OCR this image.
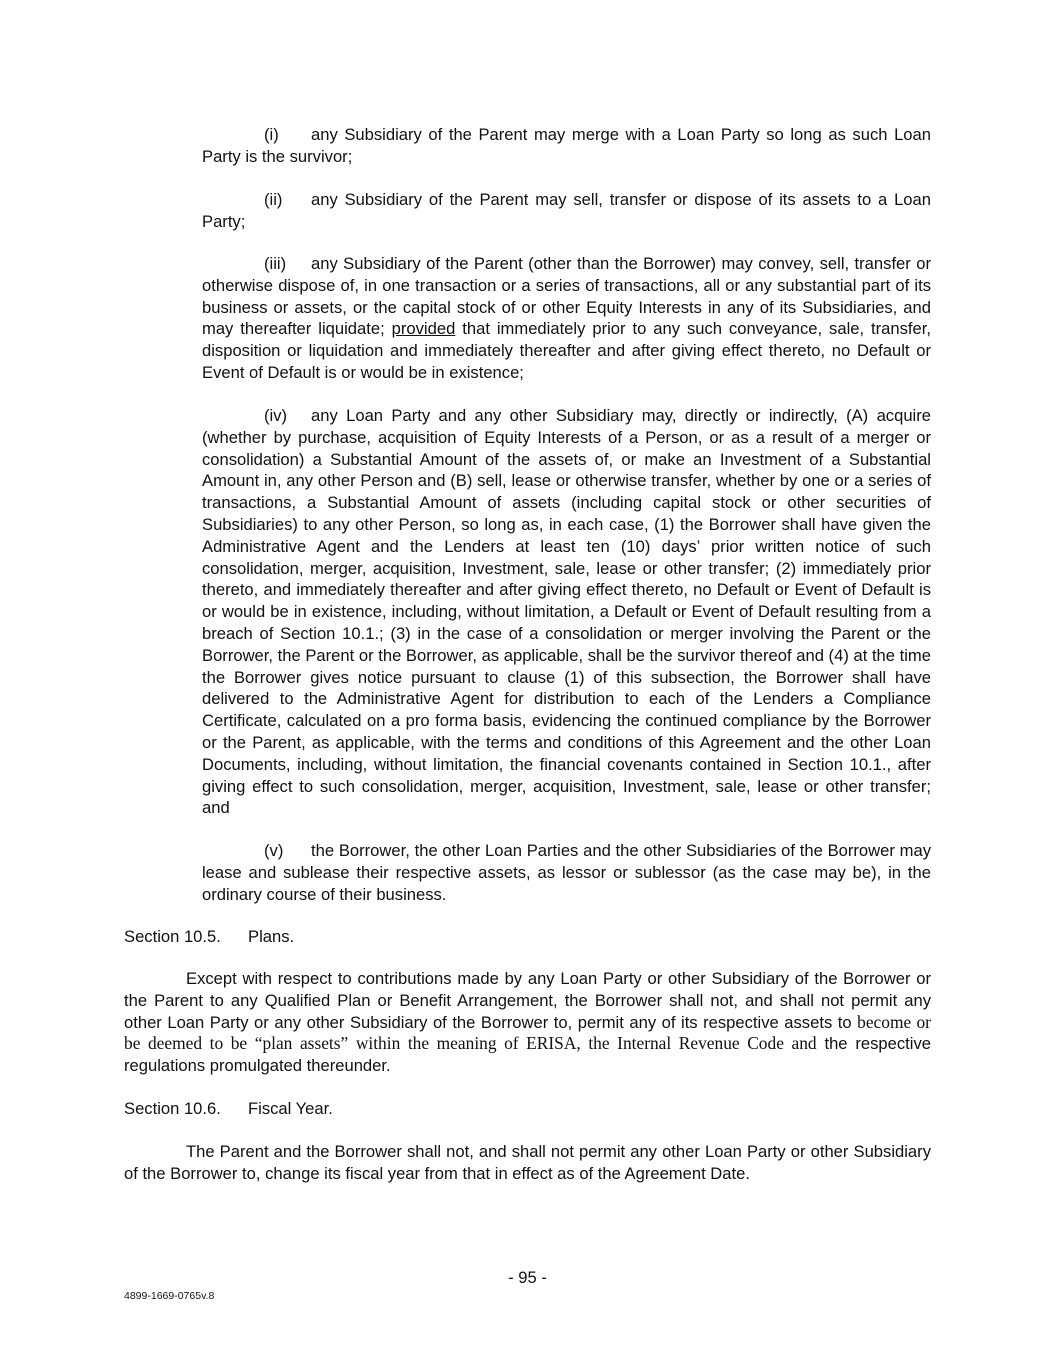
(i) any Subsidiary of the Parent may merge with a Loan Party so long as such Loan Party is the survivor;

(ii) any Subsidiary of the Parent may sell, transfer or dispose of its assets to a Loan Party;

(iii) any Subsidiary of the Parent (other than the Borrower) may convey, sell, transfer or otherwise dispose of, in one transaction or a series of transactions, all or any substantial part of its business or assets, or the capital stock of or other Equity Interests in any of its Subsidiaries, and may thereafter liquidate; provided that immediately prior to any such conveyance, sale, transfer, disposition or liquidation and immediately thereafter and after giving effect thereto, no Default or Event of Default is or would be in existence;

(iv) any Loan Party and any other Subsidiary may, directly or indirectly, (A) acquire (whether by purchase, acquisition of Equity Interests of a Person, or as a result of a merger or consolidation) a Substantial Amount of the assets of, or make an Investment of a Substantial Amount in, any other Person and (B) sell, lease or otherwise transfer, whether by one or a series of transactions, a Substantial Amount of assets (including capital stock or other securities of Subsidiaries) to any other Person, so long as, in each case, (1) the Borrower shall have given the Administrative Agent and the Lenders at least ten (10) days’ prior written notice of such consolidation, merger, acquisition, Investment, sale, lease or other transfer; (2) immediately prior thereto, and immediately thereafter and after giving effect thereto, no Default or Event of Default is or would be in existence, including, without limitation, a Default or Event of Default resulting from a breach of Section 10.1.; (3) in the case of a consolidation or merger involving the Parent or the Borrower, the Parent or the Borrower, as applicable, shall be the survivor thereof and (4) at the time the Borrower gives notice pursuant to clause (1) of this subsection, the Borrower shall have delivered to the Administrative Agent for distribution to each of the Lenders a Compliance Certificate, calculated on a pro forma basis, evidencing the continued compliance by the Borrower or the Parent, as applicable, with the terms and conditions of this Agreement and the other Loan Documents, including, without limitation, the financial covenants contained in Section 10.1., after giving effect to such consolidation, merger, acquisition, Investment, sale, lease or other transfer; and

(v) the Borrower, the other Loan Parties and the other Subsidiaries of the Borrower may lease and sublease their respective assets, as lessor or sublessor (as the case may be), in the ordinary course of their business.

Section 10.5. Plans.

Except with respect to contributions made by any Loan Party or other Subsidiary of the Borrower or the Parent to any Qualified Plan or Benefit Arrangement, the Borrower shall not, and shall not permit any other Loan Party or any other Subsidiary of the Borrower to, permit any of its respective assets to become or be deemed to be “plan assets” within the meaning of ERISA, the Internal Revenue Code and the respective regulations promulgated thereunder.

Section 10.6. Fiscal Year.

The Parent and the Borrower shall not, and shall not permit any other Loan Party or other Subsidiary of the Borrower to, change its fiscal year from that in effect as of the Agreement Date.

- 95 -

4899-1669-0765v.8
